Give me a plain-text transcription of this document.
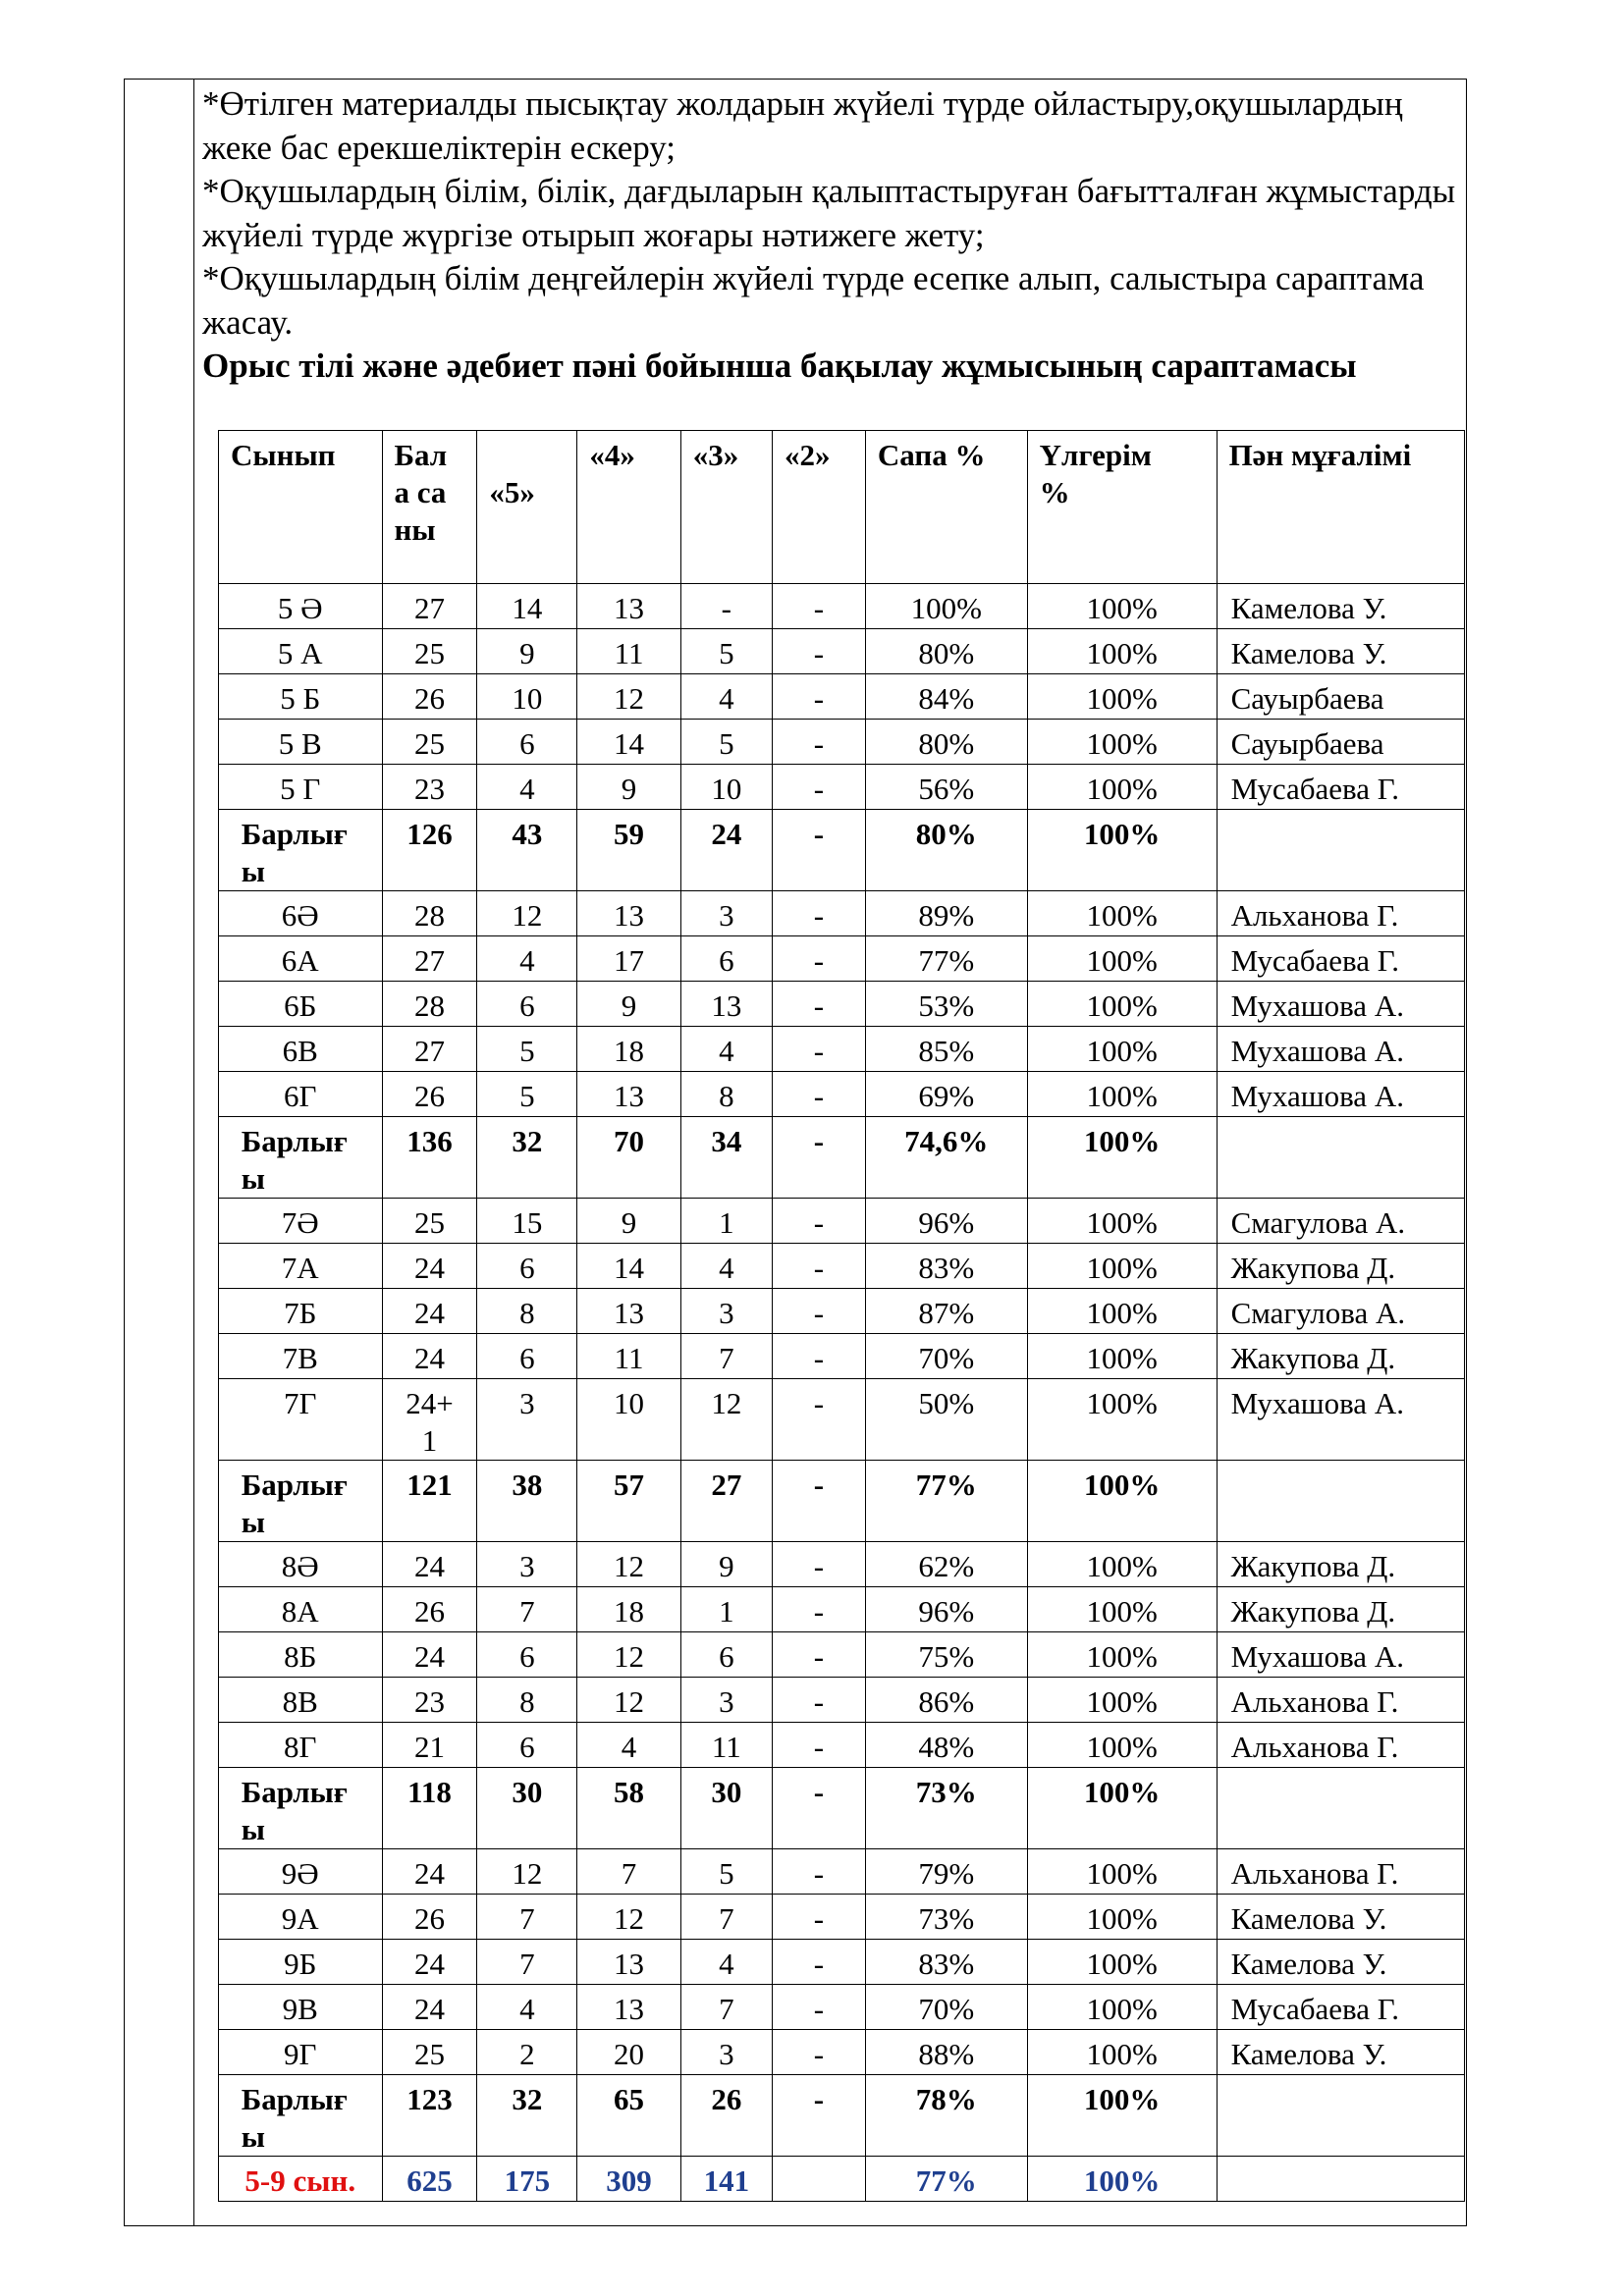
*Өтілген материалды пысықтау жолдарын жүйелі түрде ойластыру,оқушылардың жеке бас ерекшеліктерін ескеру;

*Оқушылардың білім, білік, дағдыларын қалыптастыруған бағытталған жұмыстарды жүйелі түрде жүргізе отырып жоғары нәтижеге жету;

*Оқушылардың білім деңгейлерін жүйелі түрде есепке алып, салыстыра сараптама жасау.

Орыс тілі және әдебиет пәні бойынша бақылау жұмысының сараптамасы

Сынып	Бала саны	«5»	«4»	«3»	«2»	Сапа %	Үлгерім %	Пән мұғалімі
5 Ә	27	14	13	-	-	100%	100%	Камелова У.
5 А	25	9	11	5	-	80%	100%	Камелова У.
5 Б	26	10	12	4	-	84%	100%	Сауырбаева
5 В	25	6	14	5	-	80%	100%	Сауырбаева
5 Г	23	4	9	10	-	56%	100%	Мусабаева Г.

Барлығы	126	43	59	24	-	80%	100%	
6Ә	28	12	13	3	-	89%	100%	Альханова Г.
6А	27	4	17	6	-	77%	100%	Мусабаева Г.
6Б	28	6	9	13	-	53%	100%	Мухашова А.
6В	27	5	18	4	-	85%	100%	Мухашова А.
6Г	26	5	13	8	-	69%	100%	Мухашова А.

Барлығы	136	32	70	34	-	74,6%	100%	
7Ә	25	15	9	1	-	96%	100%	Смагулова А.
7А	24	6	14	4	-	83%	100%	Жакупова Д.
7Б	24	8	13	3	-	87%	100%	Смагулова А.
7В	24	6	11	7	-	70%	100%	Жакупова Д.
7Г	24+1	3	10	12	-	50%	100%	Мухашова А.

Барлығы	121	38	57	27	-	77%	100%	
8Ә	24	3	12	9	-	62%	100%	Жакупова Д.
8А	26	7	18	1	-	96%	100%	Жакупова Д.
8Б	24	6	12	6	-	75%	100%	Мухашова А.
8В	23	8	12	3	-	86%	100%	Альханова Г.
8Г	21	6	4	11	-	48%	100%	Альханова Г.

Барлығы	118	30	58	30	-	73%	100%	
9Ә	24	12	7	5	-	79%	100%	Альханова Г.
9А	26	7	12	7	-	73%	100%	Камелова У.
9Б	24	7	13	4	-	83%	100%	Камелова У.
9В	24	4	13	7	-	70%	100%	Мусабаева Г.
9Г	25	2	20	3	-	88%	100%	Камелова У.

Барлығы	123	32	65	26	-	78%	100%	
5-9 сын.	625	175	309	141		77%	100%	
